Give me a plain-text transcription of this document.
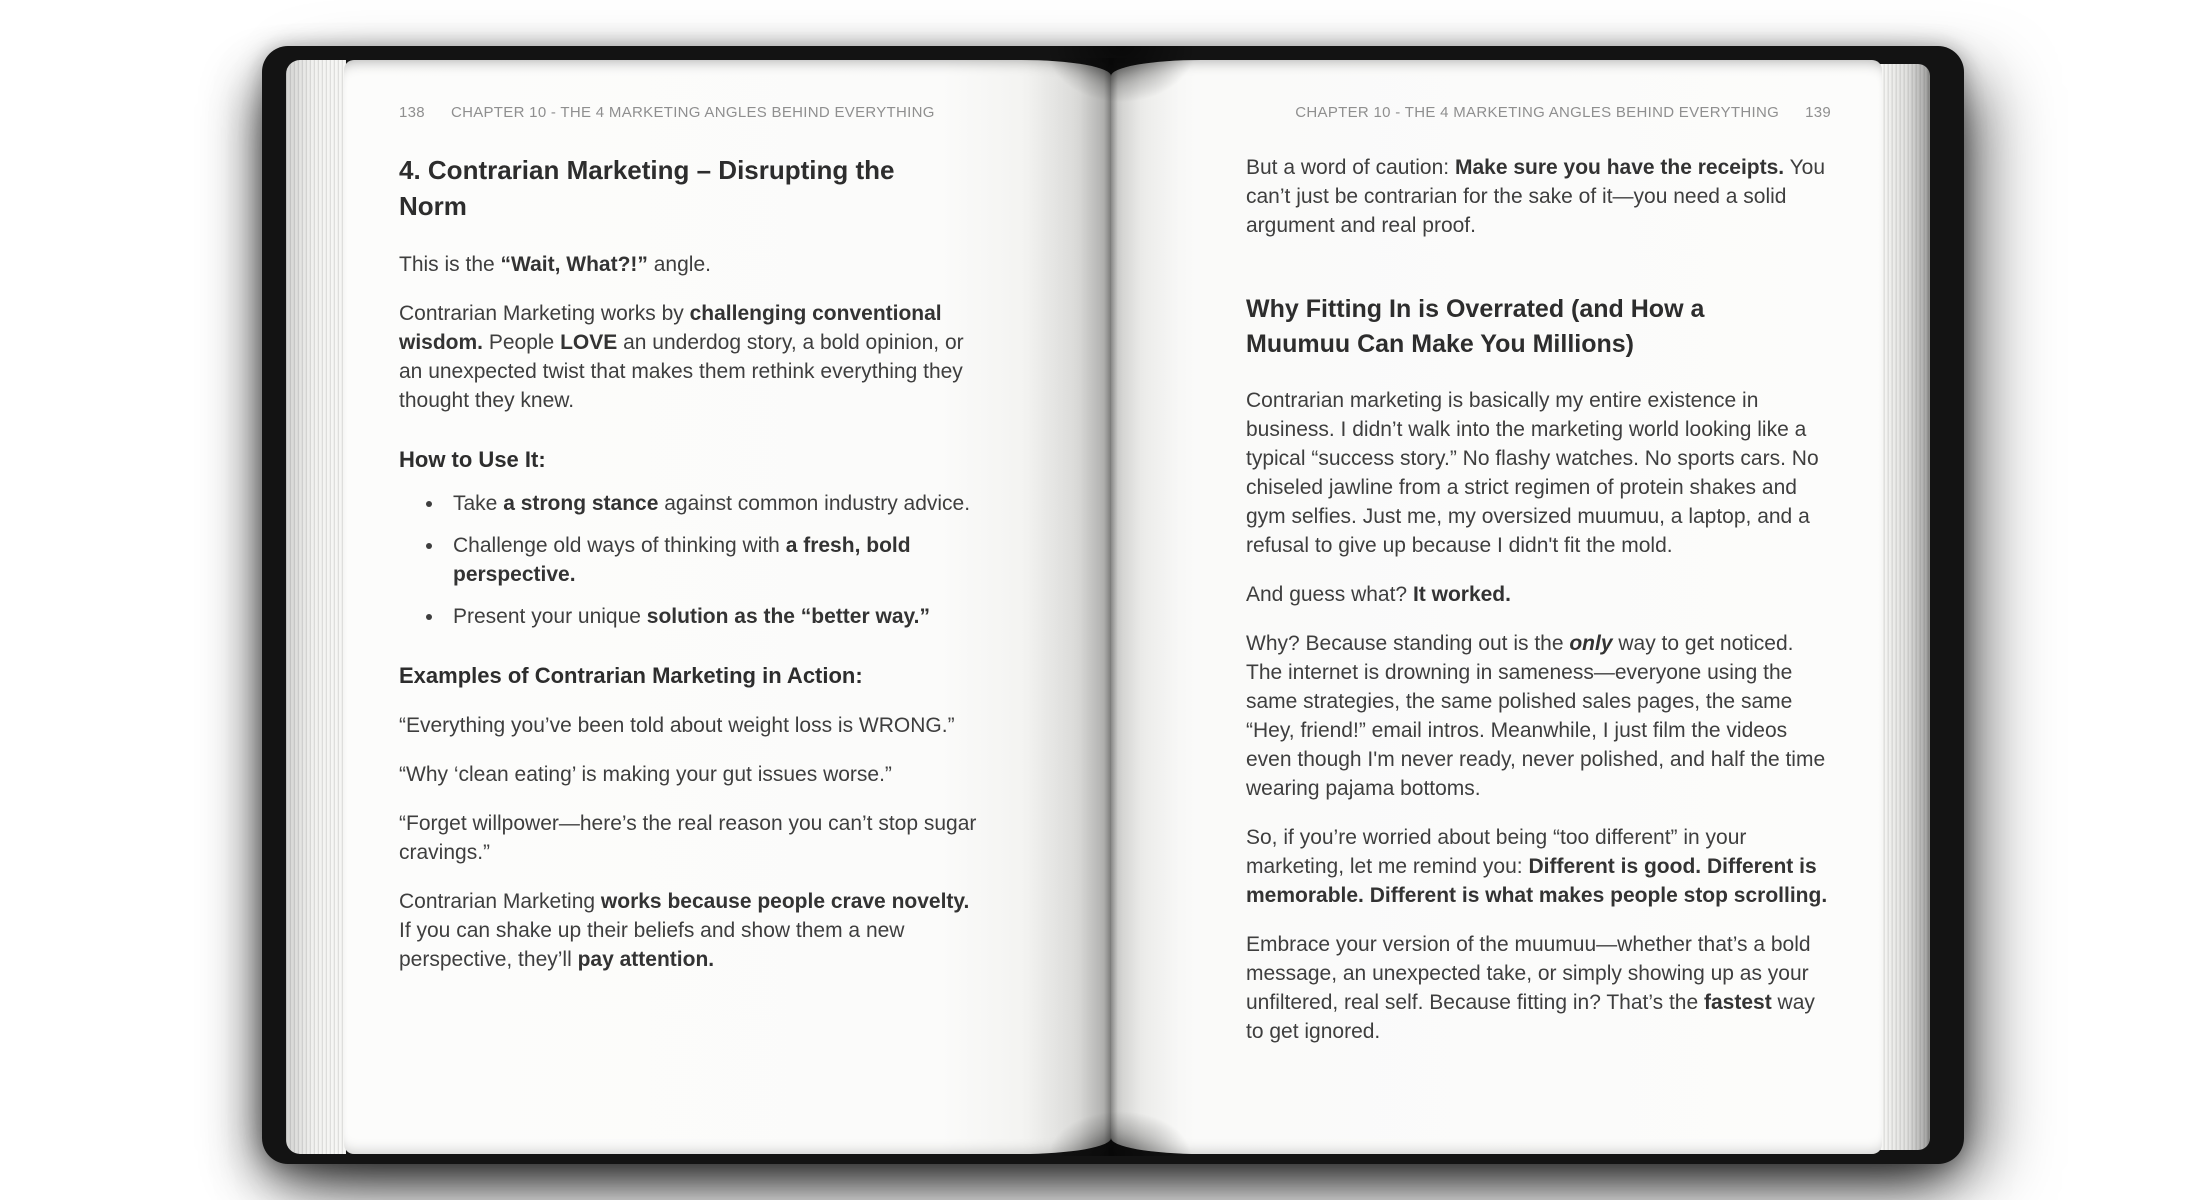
138 CHAPTER 10 - THE 4 MARKETING ANGLES BEHIND EVERYTHING	CHAPTER 10 - THE 4 MARKETING ANGLES BEHIND EVERYTHING 139
4. Contrarian Marketing – Disrupting the
Norm

This is the “Wait, What?!” angle.

Contrarian Marketing works by challenging conventional wisdom. People LOVE an underdog story, a bold opinion, or an unexpected twist that makes them rethink everything they thought they knew.

How to Use It:
• Take a strong stance against common industry advice.
• Challenge old ways of thinking with a fresh, bold perspective.
• Present your unique solution as the “better way.”
Examples of Contrarian Marketing in Action:

“Everything you’ve been told about weight loss is WRONG.”

“Why ‘clean eating’ is making your gut issues worse.”

“Forget willpower—here’s the real reason you can’t stop sugar cravings.”

Contrarian Marketing works because people crave novelty. If you can shake up their beliefs and show them a new perspective, they’ll pay attention.

But a word of caution: Make sure you have the receipts. You can’t just be contrarian for the sake of it—you need a solid argument and real proof.

Why Fitting In is Overrated (and How a
Muumuu Can Make You Millions)

Contrarian marketing is basically my entire existence in business. I didn’t walk into the marketing world looking like a typical “success story.” No flashy watches. No sports cars. No chiseled jawline from a strict regimen of protein shakes and gym selfies. Just me, my oversized muumuu, a laptop, and a refusal to give up because I didn't fit the mold.

And guess what? It worked.

Why? Because standing out is the only way to get noticed. The internet is drowning in sameness—everyone using the same strategies, the same polished sales pages, the same “Hey, friend!” email intros. Meanwhile, I just film the videos even though I'm never ready, never polished, and half the time wearing pajama bottoms.

So, if you’re worried about being “too different” in your marketing, let me remind you: Different is good. Different is memorable. Different is what makes people stop scrolling.

Embrace your version of the muumuu—whether that’s a bold message, an unexpected take, or simply showing up as your unfiltered, real self. Because fitting in? That’s the fastest way to get ignored.
